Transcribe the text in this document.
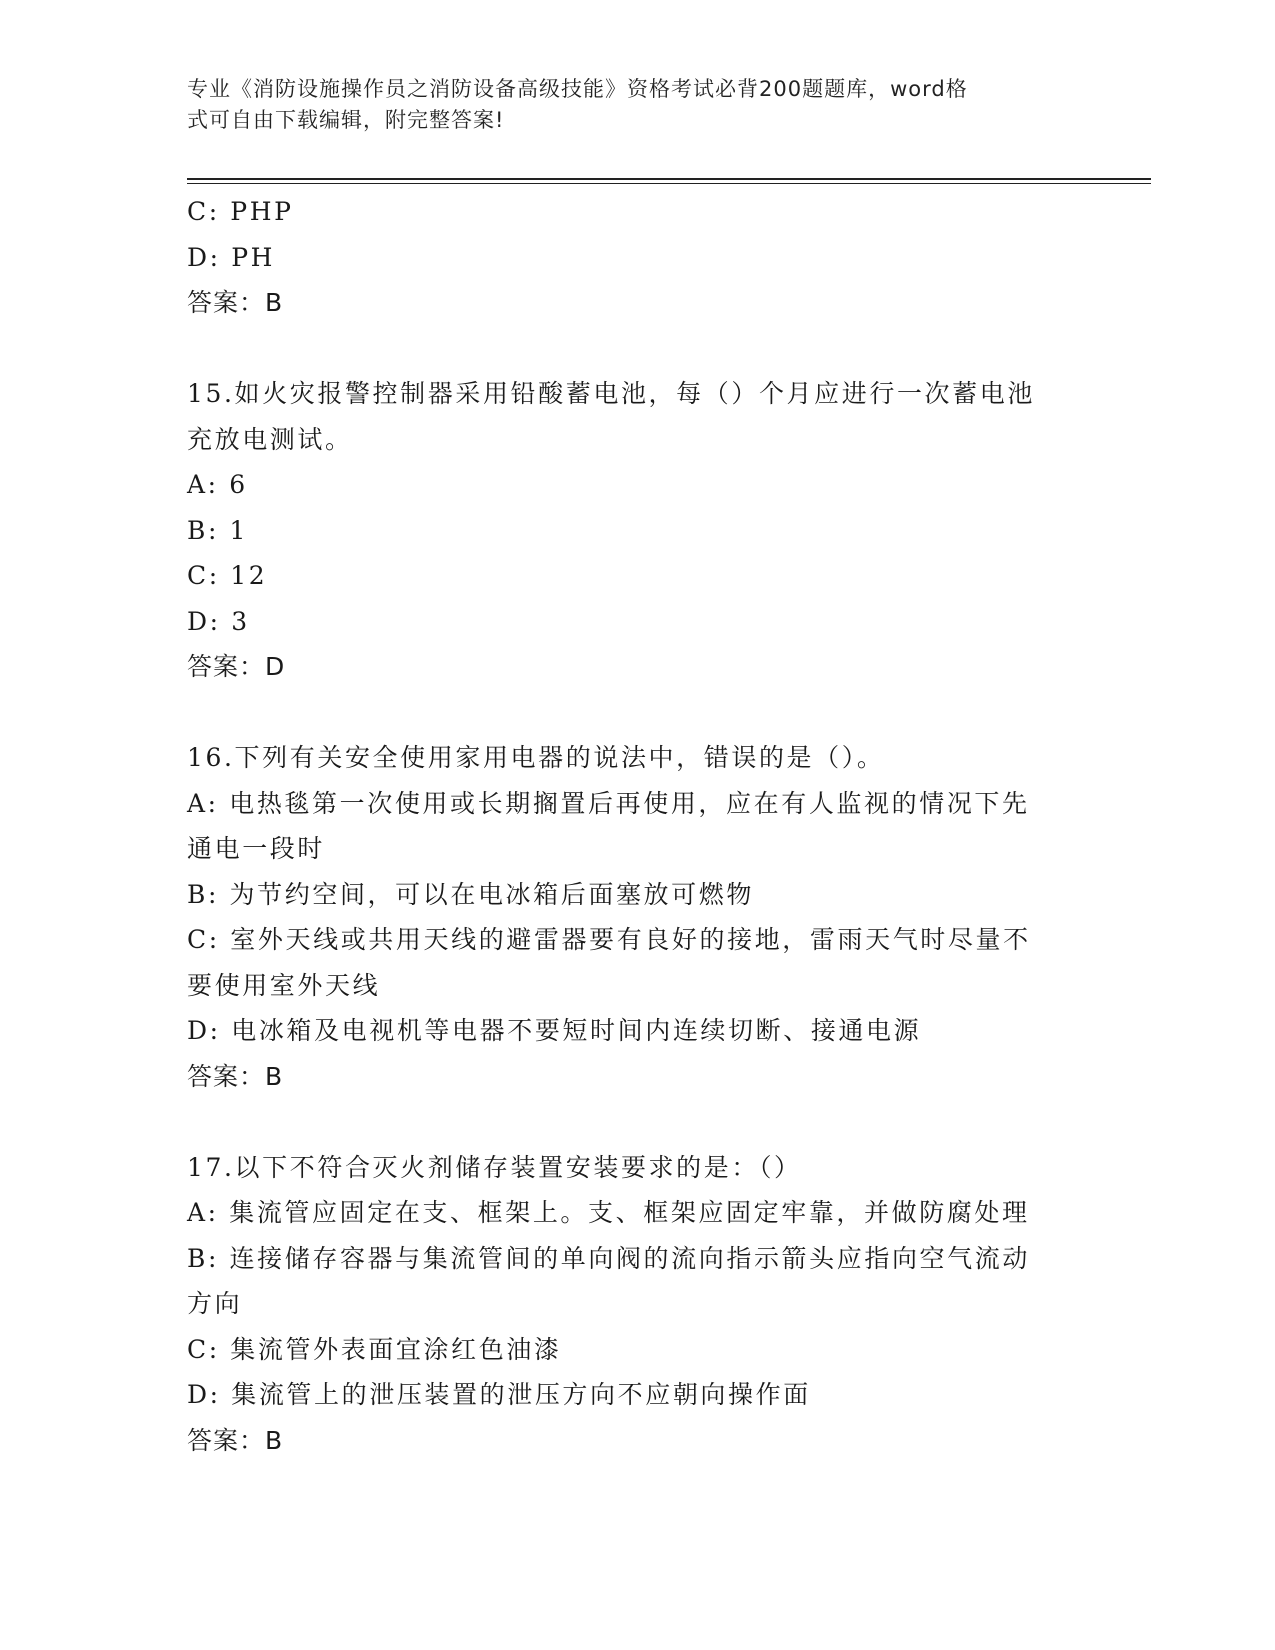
专业《消防设施操作员之消防设备高级技能》资格考试必背200题题库，word格
式可自由下载编辑，附完整答案!
C: PHP
D: PH
答案：B
15.如火灾报警控制器采用铅酸蓄电池，每（）个月应进行一次蓄电池
充放电测试。
A: 6
B: 1
C: 12
D: 3
答案：D
16.下列有关安全使用家用电器的说法中，错误的是（）。
A: 电热毯第一次使用或长期搁置后再使用，应在有人监视的情况下先
通电一段时
B: 为节约空间，可以在电冰箱后面塞放可燃物
C: 室外天线或共用天线的避雷器要有良好的接地，雷雨天气时尽量不
要使用室外天线
D: 电冰箱及电视机等电器不要短时间内连续切断、接通电源
答案：B
17.以下不符合灭火剂储存装置安装要求的是：（）
A: 集流管应固定在支、框架上。支、框架应固定牢靠，并做防腐处理
B: 连接储存容器与集流管间的单向阀的流向指示箭头应指向空气流动
方向
C: 集流管外表面宜涂红色油漆
D: 集流管上的泄压装置的泄压方向不应朝向操作面
答案：B
